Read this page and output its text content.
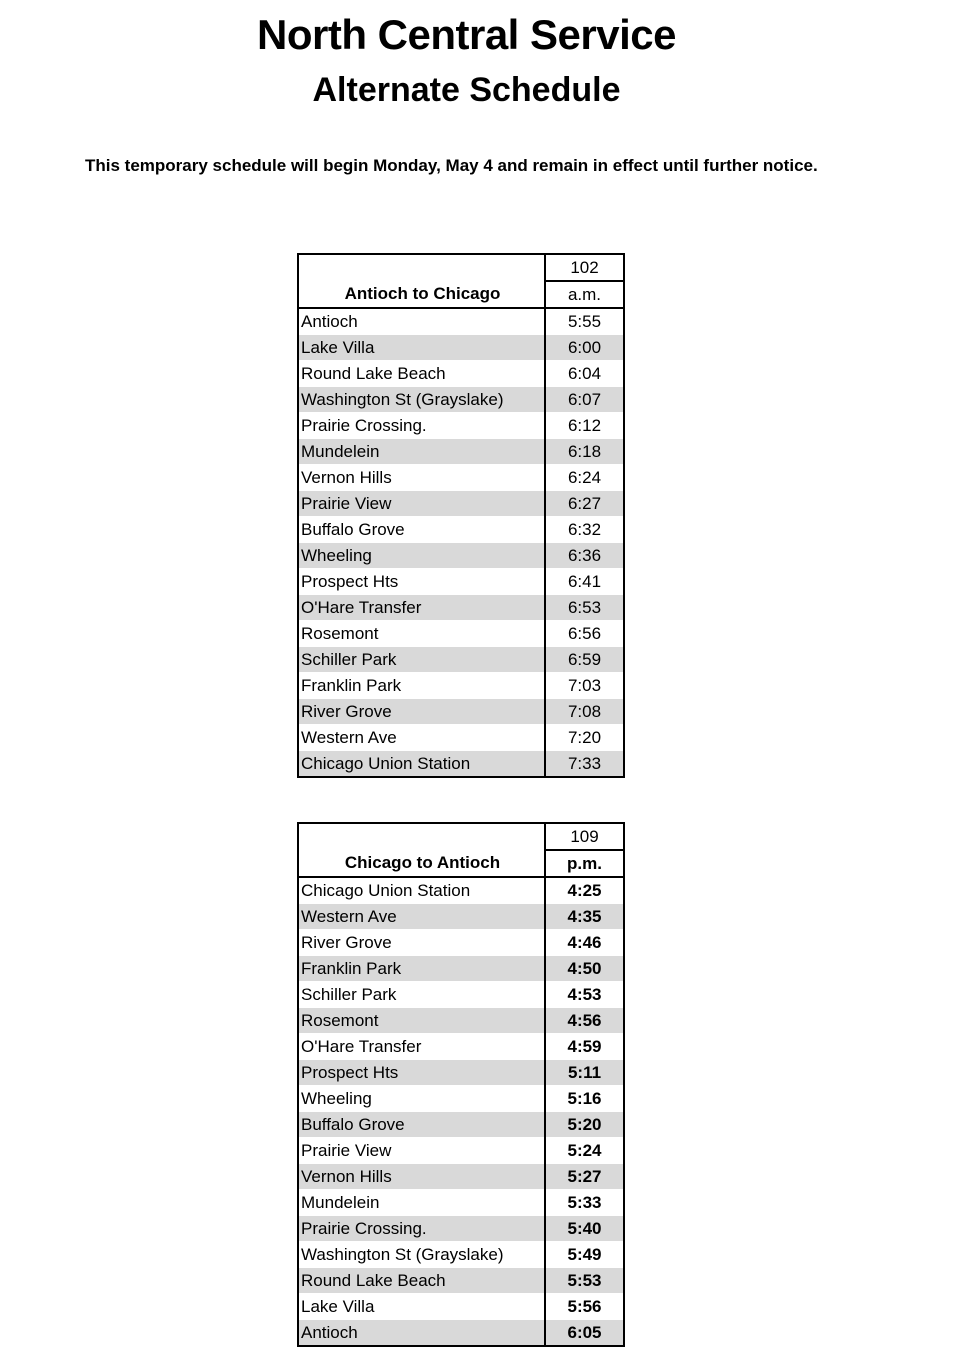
North Central Service
Alternate Schedule
This temporary schedule will begin Monday, May 4 and remain in effect until further notice.
	102
Antioch to Chicago	a.m.
Antioch	5:55
Lake Villa	6:00
Round Lake Beach	6:04
Washington St (Grayslake)	6:07
Prairie Crossing.	6:12
Mundelein	6:18
Vernon Hills	6:24
Prairie View	6:27
Buffalo Grove	6:32
Wheeling	6:36
Prospect Hts	6:41
O'Hare Transfer	6:53
Rosemont	6:56
Schiller Park	6:59
Franklin Park	7:03
River Grove	7:08
Western Ave	7:20
Chicago Union Station	7:33
	109
Chicago to Antioch	p.m.
Chicago Union Station	4:25
Western Ave	4:35
River Grove	4:46
Franklin Park	4:50
Schiller Park	4:53
Rosemont	4:56
O'Hare Transfer	4:59
Prospect Hts	5:11
Wheeling	5:16
Buffalo Grove	5:20
Prairie View	5:24
Vernon Hills	5:27
Mundelein	5:33
Prairie Crossing.	5:40
Washington St (Grayslake)	5:49
Round Lake Beach	5:53
Lake Villa	5:56
Antioch	6:05
